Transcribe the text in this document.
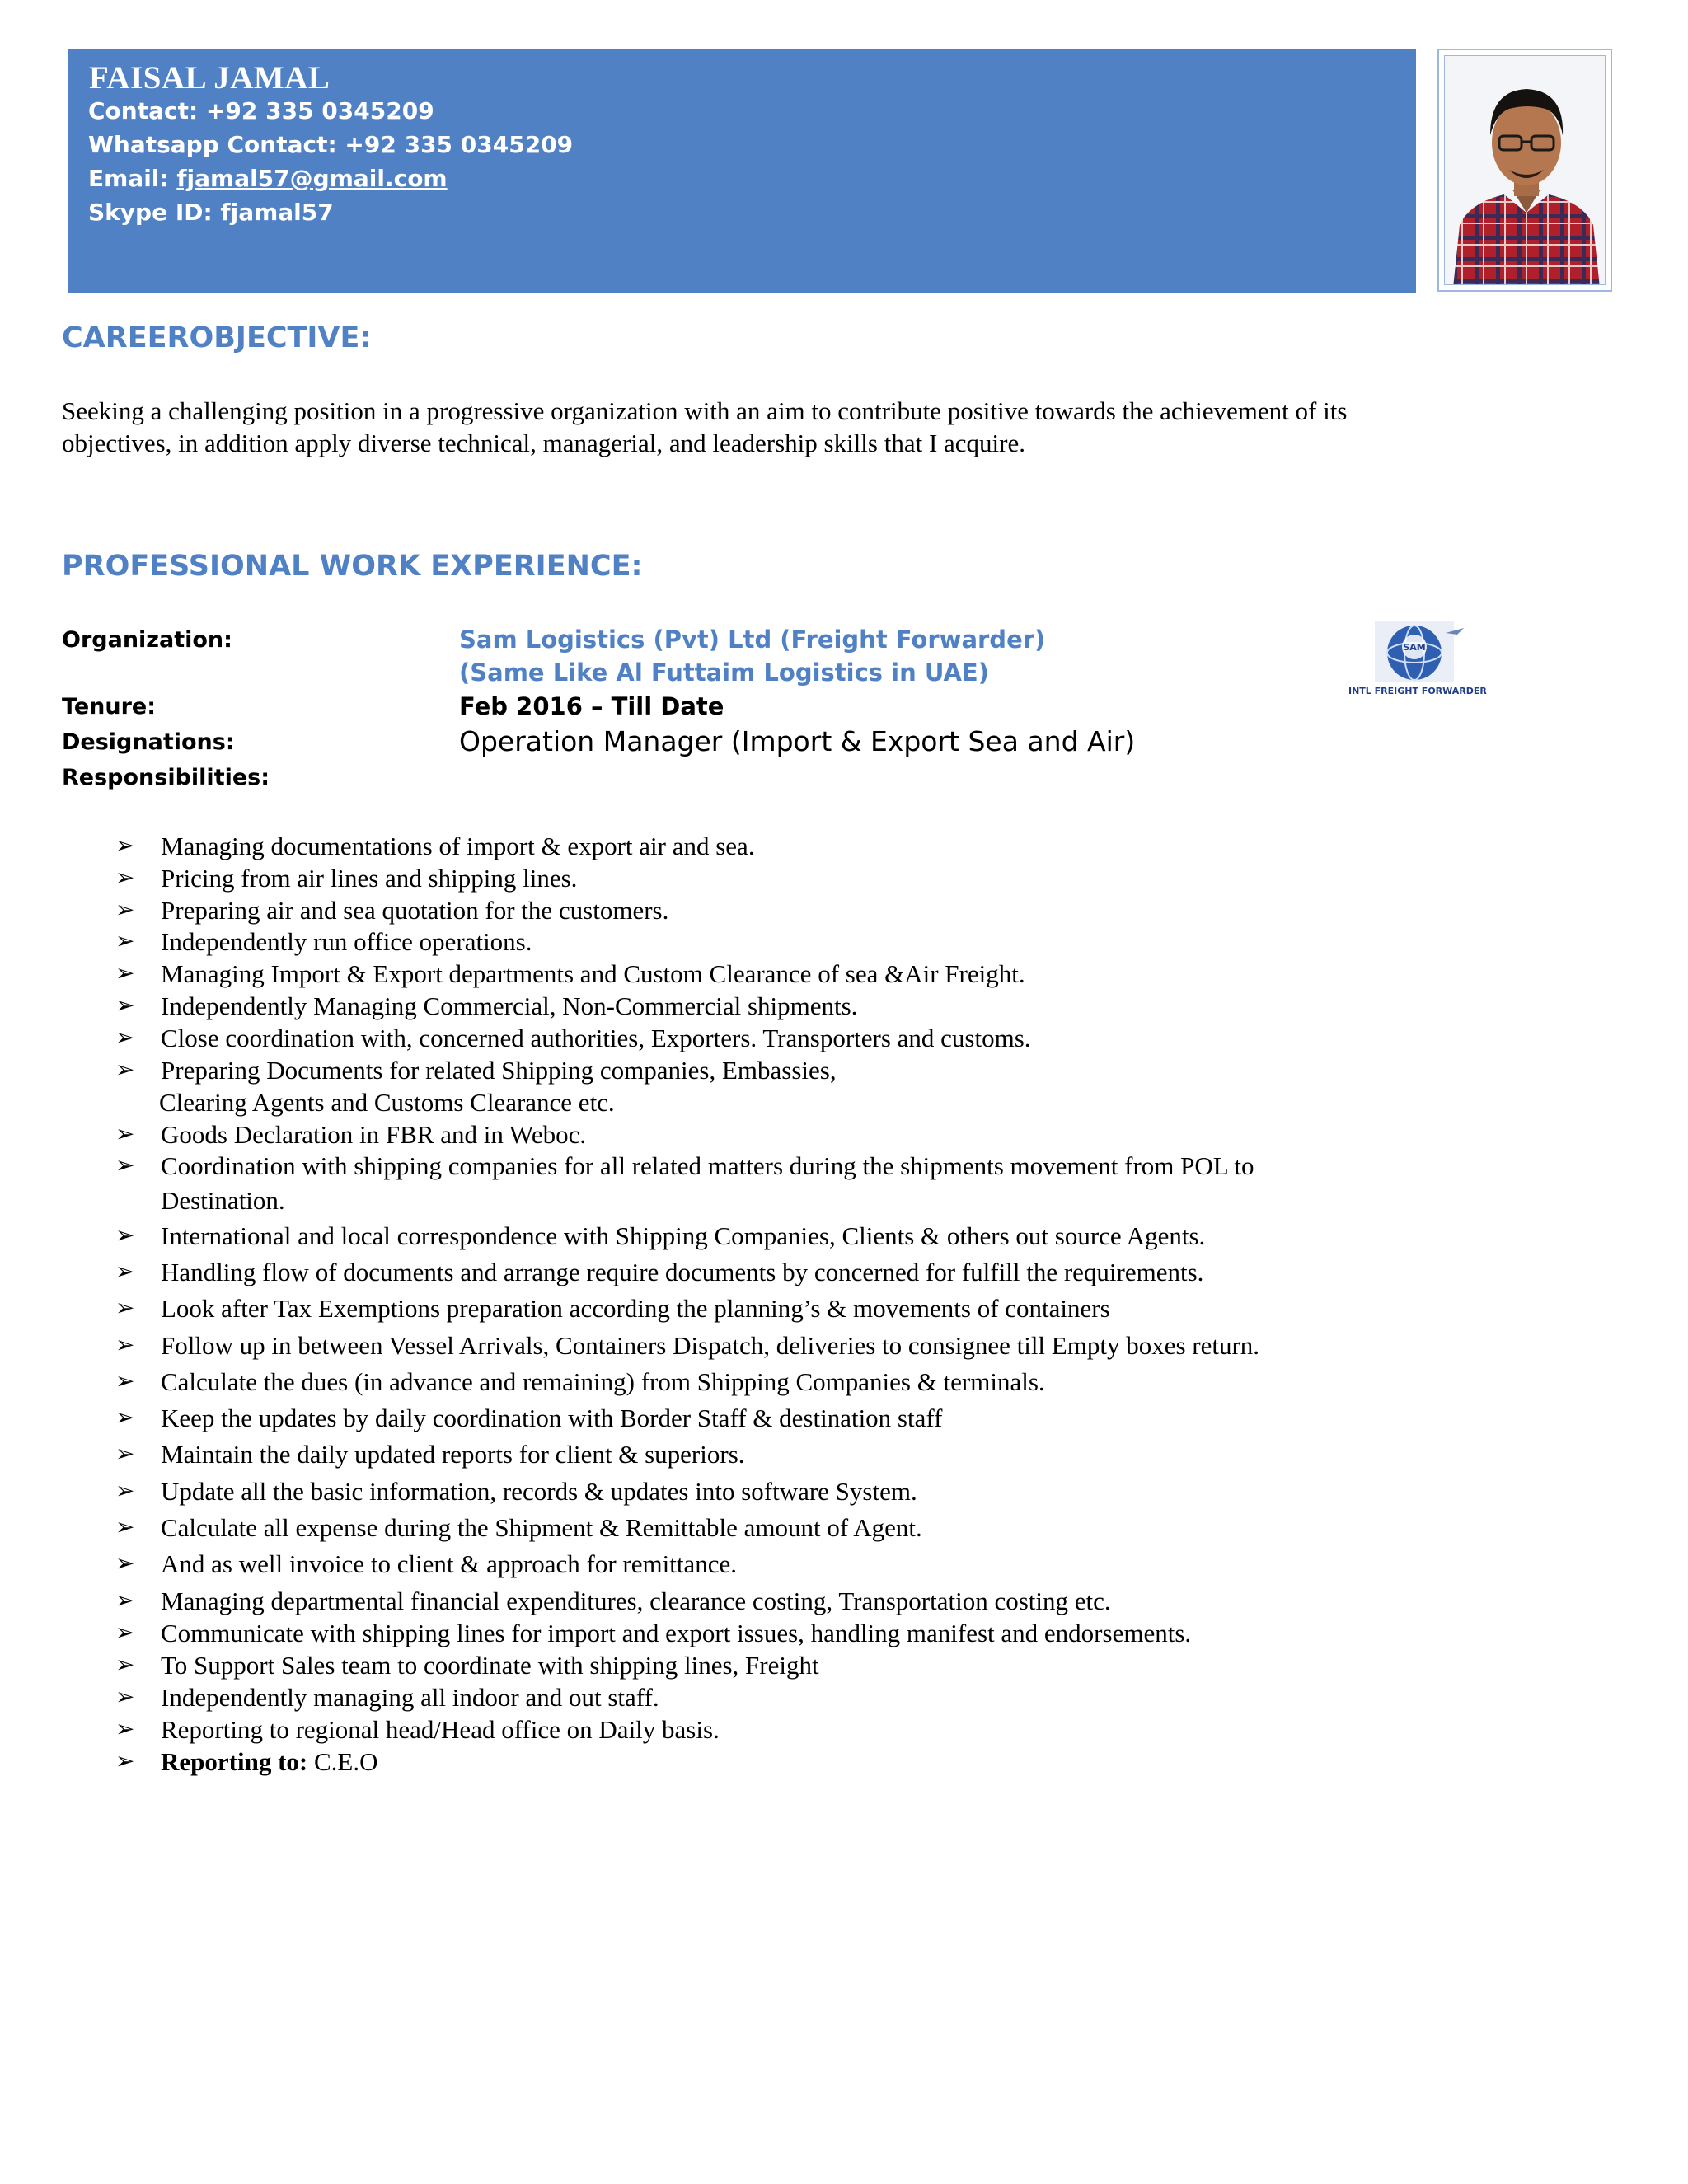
FAISAL JAMAL
Contact: +92 335 0345209
Whatsapp Contact: +92 335 0345209
Email: fjamal57@gmail.com
Skype ID: fjamal57
CAREEROBJECTIVE:
Seeking a challenging position in a progressive organization with an aim to contribute positive towards the achievement of its
objectives, in addition apply diverse technical, managerial, and leadership skills that I acquire.
PROFESSIONAL WORK EXPERIENCE:
Organization:	Sam Logistics (Pvt) Ltd (Freight Forwarder)
(Same Like Al Futtaim Logistics in UAE)
Tenure:	Feb 2016 – Till Date
Designations:	Operation Manager (Import & Export Sea and Air)
Responsibilities:
SAM
INTL FREIGHT FORWARDER
➢ Managing documentations of import & export air and sea.
➢ Pricing from air lines and shipping lines.
➢ Preparing air and sea quotation for the customers.
➢ Independently run office operations.
➢ Managing Import & Export departments and Custom Clearance of sea &Air Freight.
➢ Independently Managing Commercial, Non-Commercial shipments.
➢ Close coordination with, concerned authorities, Exporters. Transporters and customs.
➢ Preparing Documents for related Shipping companies, Embassies,
➢ Goods Declaration in FBR and in Weboc.
➢ Coordination with shipping companies for all related matters during the shipments movement from POL to
➢ International and local correspondence with Shipping Companies, Clients & others out source Agents.
➢ Handling flow of documents and arrange require documents by concerned for fulfill the requirements.
➢ Look after Tax Exemptions preparation according the planning’s & movements of containers
➢ Follow up in between Vessel Arrivals, Containers Dispatch, deliveries to consignee till Empty boxes return.
➢ Calculate the dues (in advance and remaining) from Shipping Companies & terminals.
➢ Keep the updates by daily coordination with Border Staff & destination staff
➢ Maintain the daily updated reports for client & superiors.
➢ Update all the basic information, records & updates into software System.
➢ Calculate all expense during the Shipment & Remittable amount of Agent.
➢ And as well invoice to client & approach for remittance.
➢ Managing departmental financial expenditures, clearance costing, Transportation costing etc.
➢ Communicate with shipping lines for import and export issues, handling manifest and endorsements.
➢ To Support Sales team to coordinate with shipping lines, Freight
➢ Independently managing all indoor and out staff.
➢ Reporting to regional head/Head office on Daily basis.
Clearing Agents and Customs Clearance etc.
Destination.
➢ Reporting to: C.E.O
